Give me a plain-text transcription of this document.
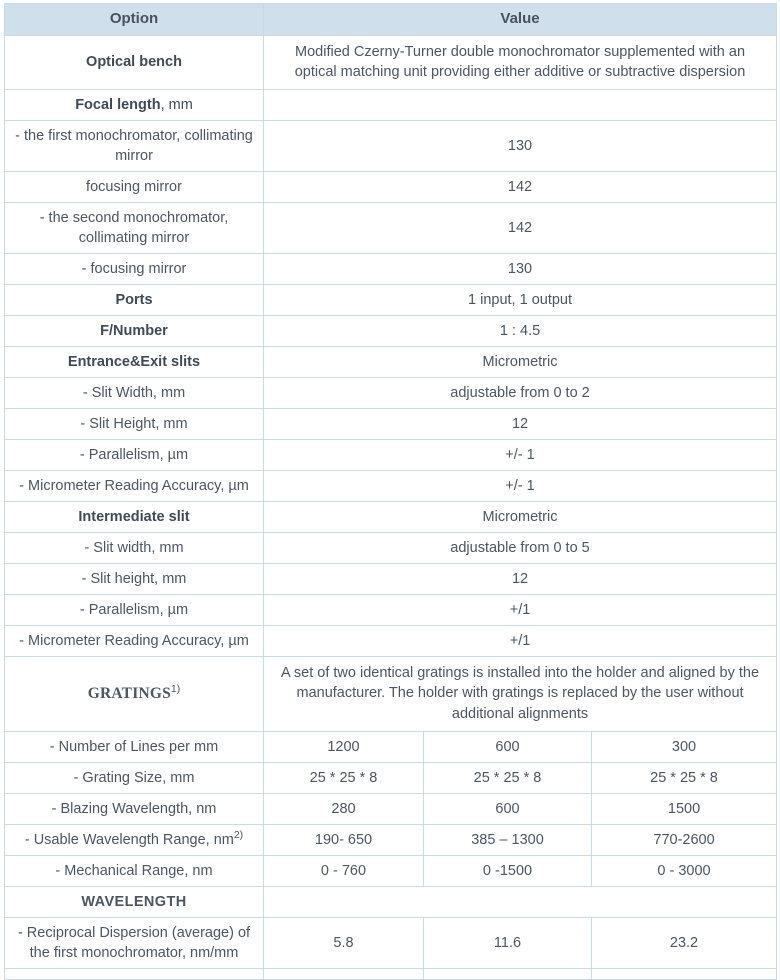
Option	Value		
Optical bench	Modified Czerny-Turner double monochromator supplemented with an optical matching unit providing either additive or subtractive dispersion		
Focal length, mm			
- the first monochromator, collimating mirror	130		
focusing mirror	142		
- the second monochromator, collimating mirror	142		
- focusing mirror	130		
Ports	1 input, 1 output		
F/Number	1 : 4.5		
Entrance&Exit slits	Micrometric		
- Slit Width, mm	adjustable from 0 to 2		
- Slit Height, mm	12		
- Parallelism, µm	+/- 1		
- Micrometer Reading Accuracy, µm	+/- 1		
Intermediate slit	Micrometric		
- Slit width, mm	adjustable from 0 to 5		
- Slit height, mm	12		
- Parallelism, µm	+/1		
- Micrometer Reading Accuracy, µm	+/1		
GRATINGS$^{1)}$	A set of two identical gratings is installed into the holder and aligned by the manufacturer. The holder with gratings is replaced by the user without additional alignments		
- Number of Lines per mm	1200	600	300
- Grating Size, mm	25 * 25 * 8	25 * 25 * 8	25 * 25 * 8
- Blazing Wavelength, nm	280	600	1500
- Usable Wavelength Range, $nm^{2)}$	190- 650	385 – 1300	770-2600
- Mechanical Range, nm	0 - 760	0 -1500	0 - 3000
WAVELENGTH			
- Reciprocal Dispersion (average) of the first monochromator, nm/mm	5.8	11.6	23.2
